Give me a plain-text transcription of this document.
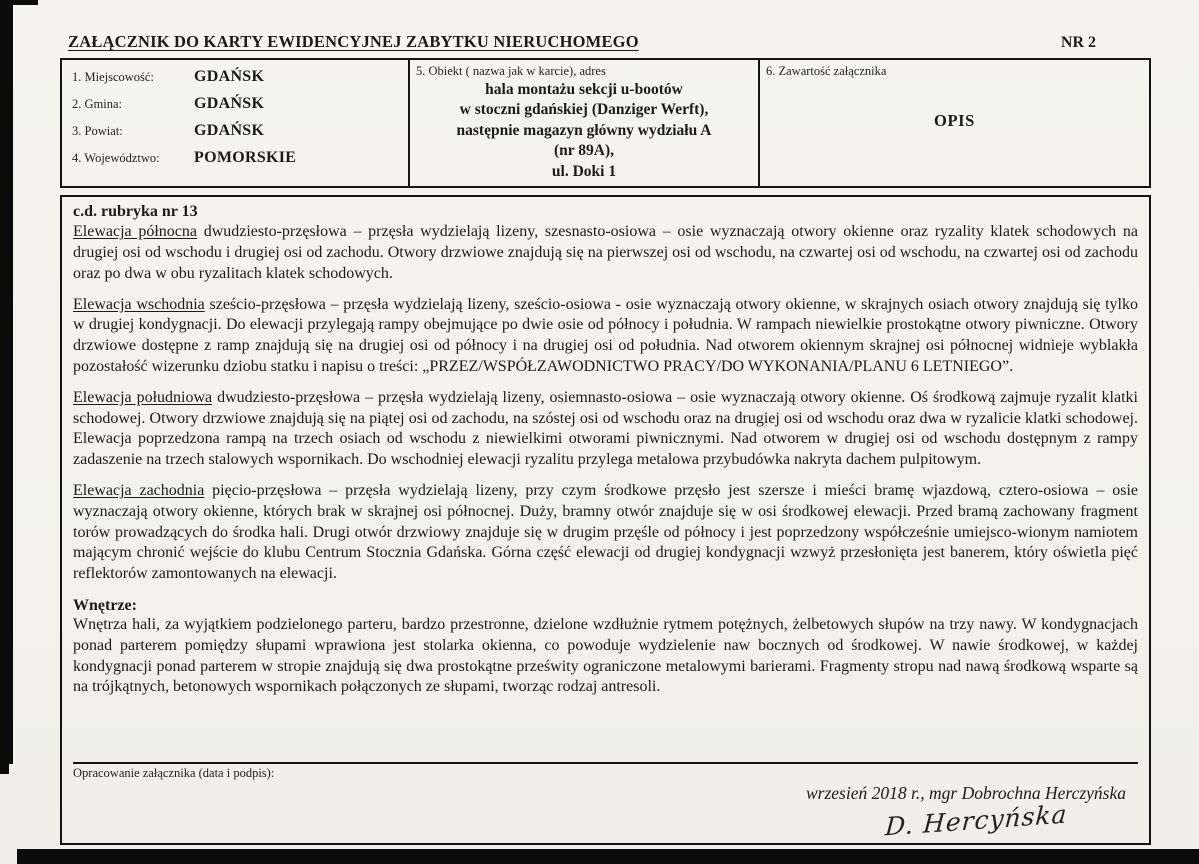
ZAŁĄCZNIK DO KARTY EWIDENCYJNEJ ZABYTKU NIERUCHOMEGO	NR 2
1. Miejscowość:	GDAŃSK
2. Gmina:	GDAŃSK
3. Powiat:	GDAŃSK
4. Województwo:	POMORSKIE
5. Obiekt ( nazwa jak w karcie), adres
hala montażu sekcji u-bootów
w stoczni gdańskiej (Danziger Werft),
następnie magazyn główny wydziału A
(nr 89A),
ul. Doki 1
6. Zawartość załącznika
OPIS
c.d. rubryka nr 13

Elewacja północna dwudziesto-przęsłowa – przęsła wydzielają lizeny, szesnasto-osiowa – osie wyznaczają otwory okienne oraz ryzality klatek schodowych na drugiej osi od wschodu i drugiej osi od zachodu. Otwory drzwiowe znajdują się na pierwszej osi od wschodu, na czwartej osi od wschodu, na czwartej osi od zachodu oraz po dwa w obu ryzalitach klatek schodowych.

Elewacja wschodnia sześcio-przęsłowa – przęsła wydzielają lizeny, sześcio-osiowa - osie wyznaczają otwory okienne, w skrajnych osiach otwory znajdują się tylko w drugiej kondygnacji. Do elewacji przylegają rampy obejmujące po dwie osie od północy i południa. W rampach niewielkie prostokątne otwory piwniczne. Otwory drzwiowe dostępne z ramp znajdują się na drugiej osi od północy i na drugiej osi od południa. Nad otworem okiennym skrajnej osi północnej widnieje wyblakła pozostałość wizerunku dziobu statku i napisu o treści: „PRZEZ/WSPÓŁZAWODNICTWO PRACY/DO WYKONANIA/PLANU 6 LETNIEGO”.

Elewacja południowa dwudziesto-przęsłowa – przęsła wydzielają lizeny, osiemnasto-osiowa – osie wyznaczają otwory okienne. Oś środkową zajmuje ryzalit klatki schodowej. Otwory drzwiowe znajdują się na piątej osi od zachodu, na szóstej osi od wschodu oraz na drugiej osi od wschodu oraz dwa w ryzalicie klatki schodowej. Elewacja poprzedzona rampą na trzech osiach od wschodu z niewielkimi otworami piwnicznymi. Nad otworem w drugiej osi od wschodu dostępnym z rampy zadaszenie na trzech stalowych wspornikach. Do wschodniej elewacji ryzalitu przylega metalowa przybudówka nakryta dachem pulpitowym.

Elewacja zachodnia pięcio-przęsłowa – przęsła wydzielają lizeny, przy czym środkowe przęsło jest szersze i mieści bramę wjazdową, cztero-osiowa – osie wyznaczają otwory okienne, których brak w skrajnej osi północnej. Duży, bramny otwór znajduje się w osi środkowej elewacji. Przed bramą zachowany fragment torów prowadzących do środka hali. Drugi otwór drzwiowy znajduje się w drugim przęśle od północy i jest poprzedzony współcześnie umiejsco-wionym namiotem mającym chronić wejście do klubu Centrum Stocznia Gdańska. Górna część elewacji od drugiej kondygnacji wzwyż przesłonięta jest banerem, który oświetla pięć reflektorów zamontowanych na elewacji.

Wnętrze:

Wnętrza hali, za wyjątkiem podzielonego parteru, bardzo przestronne, dzielone wzdłużnie rytmem potężnych, żelbetowych słupów na trzy nawy. W kondygnacjach ponad parterem pomiędzy słupami wprawiona jest stolarka okienna, co powoduje wydzielenie naw bocznych od środkowej. W nawie środkowej, w każdej kondygnacji ponad parterem w stropie znajdują się dwa prostokątne prześwity ograniczone metalowymi barierami. Fragmenty stropu nad nawą środkową wsparte są na trójkątnych, betonowych wspornikach połączonych ze słupami, tworząc rodzaj antresoli.

Opracowanie załącznika (data i podpis):
wrzesień 2018 r., mgr Dobrochna Herczyńska
D. Hercyńska
